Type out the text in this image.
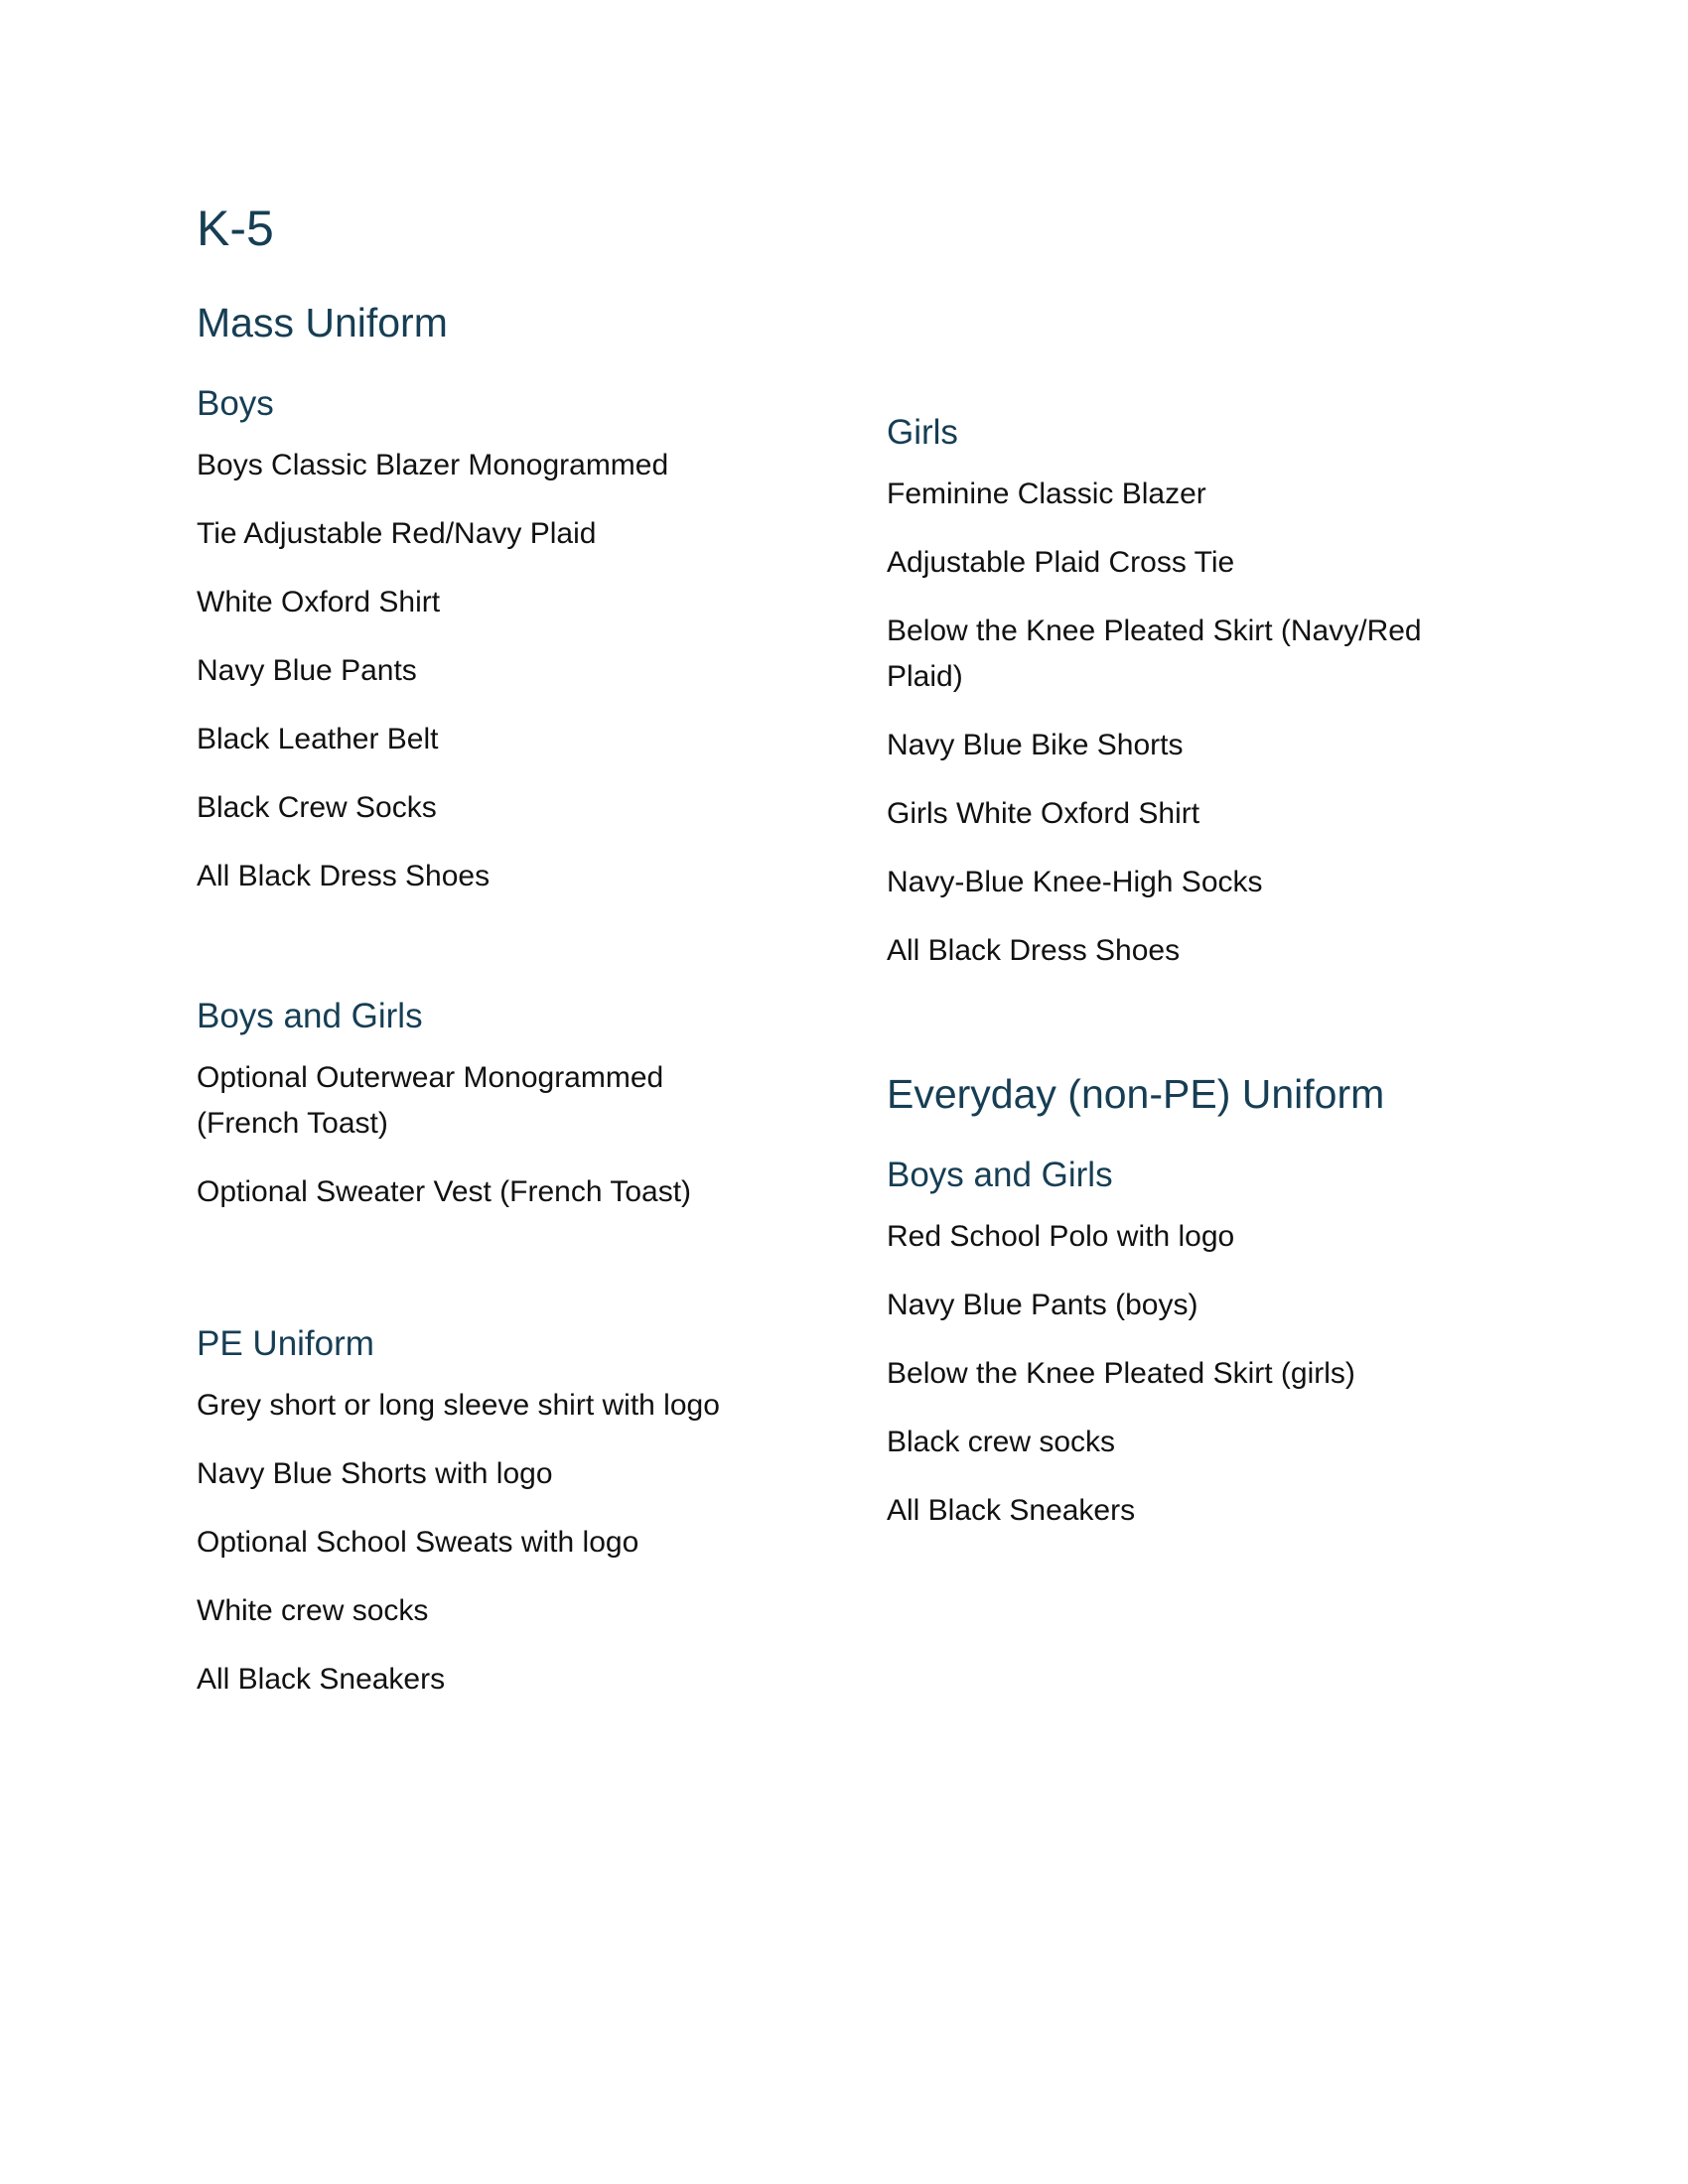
K-5
Mass Uniform
Boys
Boys Classic Blazer Monogrammed
Tie Adjustable Red/Navy Plaid
White Oxford Shirt
Navy Blue Pants
Black Leather Belt
Black Crew Socks
All Black Dress Shoes
Boys and Girls
Optional Outerwear Monogrammed (French Toast)
Optional Sweater Vest (French Toast)
PE Uniform
Grey short or long sleeve shirt with logo
Navy Blue Shorts with logo
Optional School Sweats with logo
White crew socks
All Black Sneakers
Girls
Feminine Classic Blazer
Adjustable Plaid Cross Tie
Below the Knee Pleated Skirt (Navy/Red Plaid)
Navy Blue Bike Shorts
Girls White Oxford Shirt
Navy-Blue Knee-High Socks
All Black Dress Shoes
Everyday (non-PE) Uniform
Boys and Girls
Red School Polo with logo
Navy Blue Pants (boys)
Below the Knee Pleated Skirt (girls)
Black crew socks
All Black Sneakers
